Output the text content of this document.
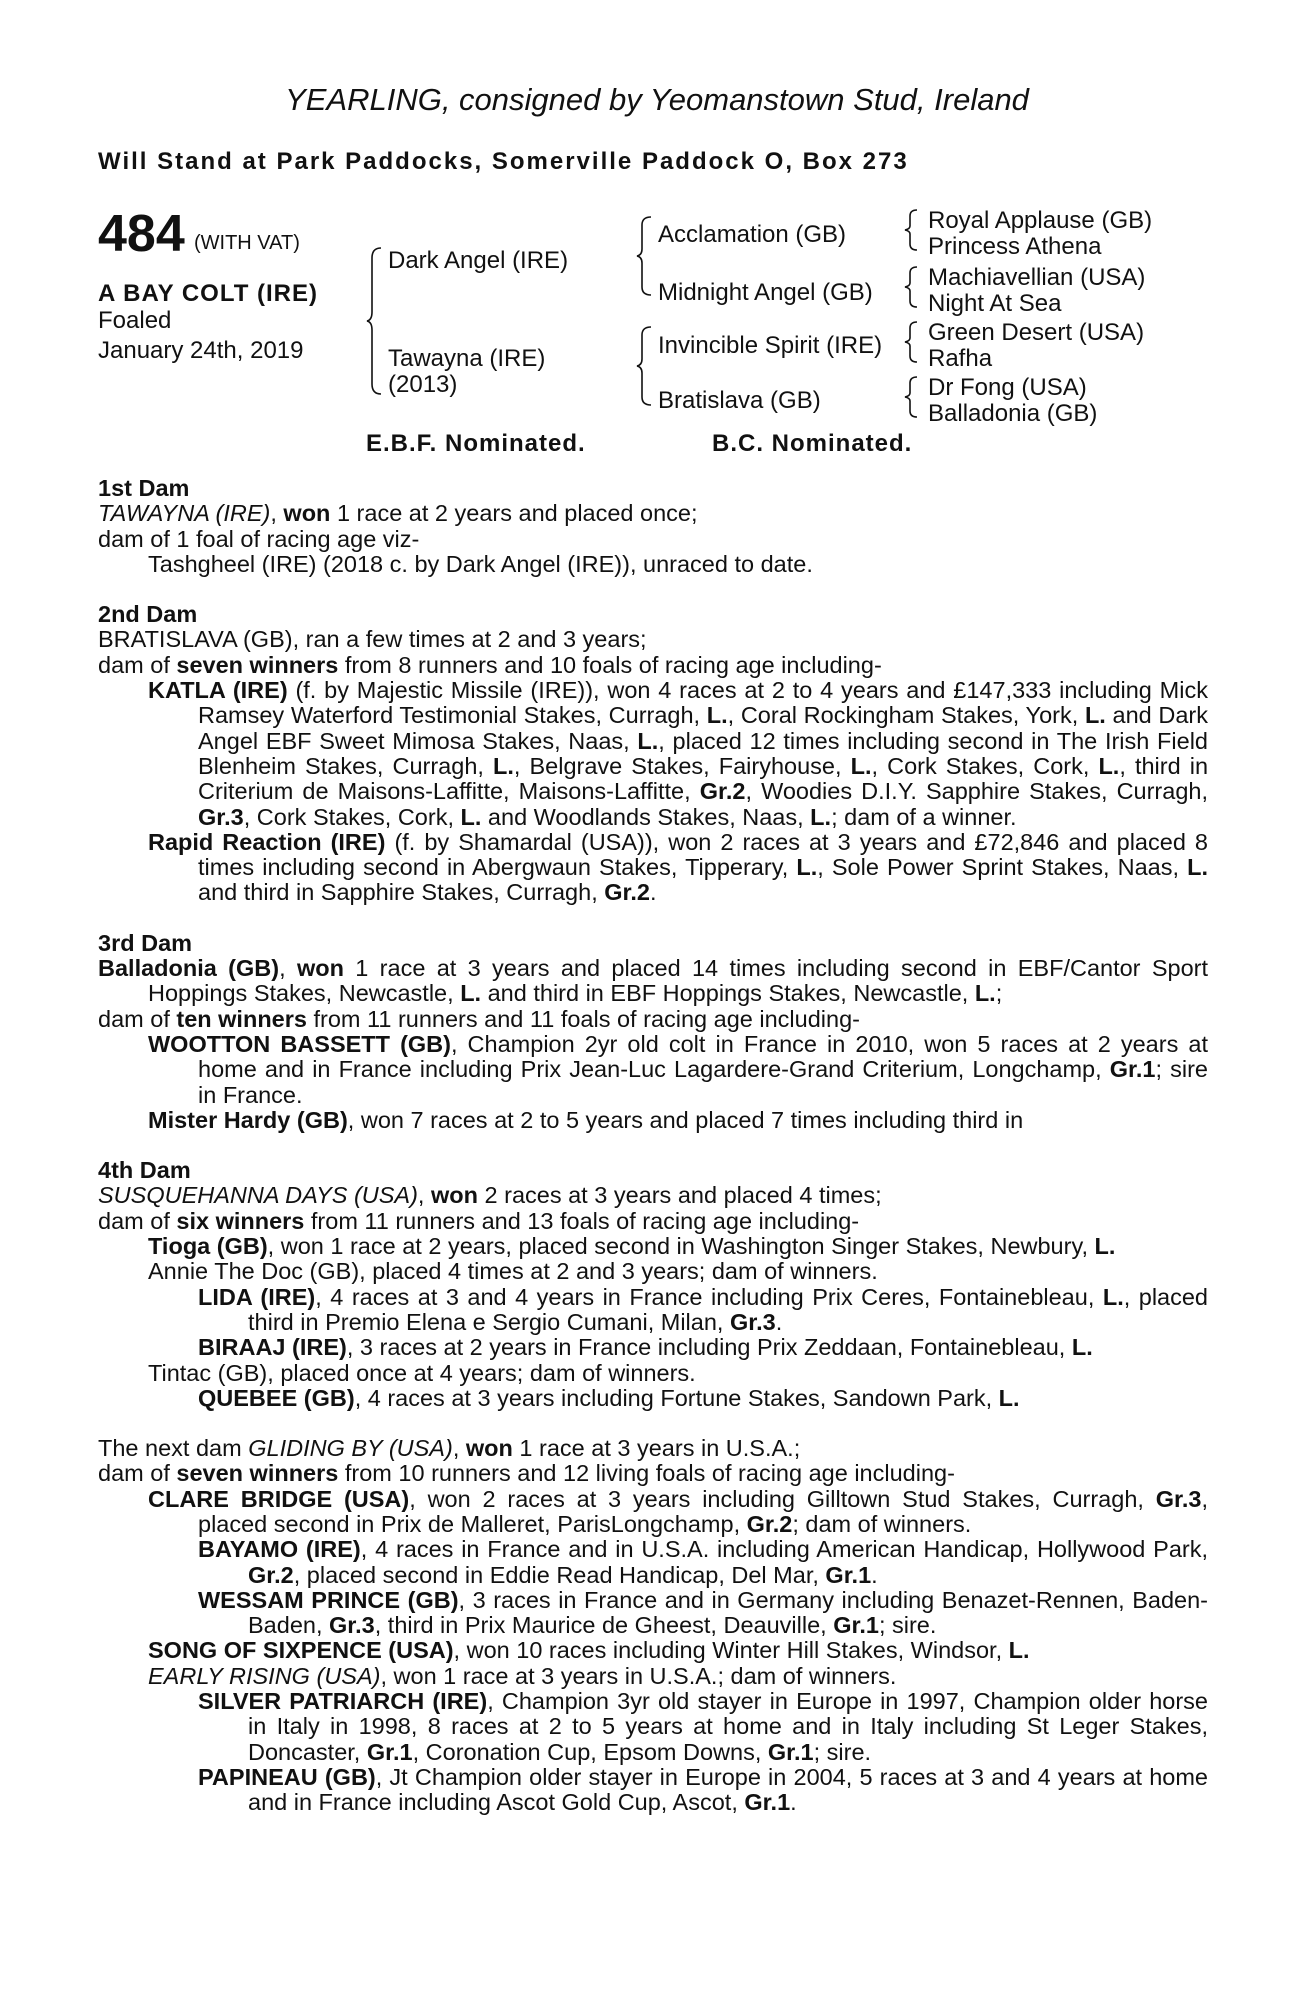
YEARLING, consigned by Yeomanstown Stud, Ireland
Will Stand at Park Paddocks, Somerville Paddock O, Box 273
484 (WITH VAT)
A BAY COLT (IRE)
Foaled
January 24th, 2019
Dark Angel (IRE)
Tawayna (IRE)
(2013)
Acclamation (GB)
Midnight Angel (GB)
Invincible Spirit (IRE)
Bratislava (GB)
Royal Applause (GB)
Princess Athena
Machiavellian (USA)
Night At Sea
Green Desert (USA)
Rafha
Dr Fong (USA)
Balladonia (GB)
E.B.F. Nominated.	B.C. Nominated.

1st Dam

TAWAYNA (IRE), won 1 race at 2 years and placed once;

dam of 1 foal of racing age viz-

Tashgheel (IRE) (2018 c. by Dark Angel (IRE)), unraced to date.

2nd Dam

BRATISLAVA (GB), ran a few times at 2 and 3 years;

dam of seven winners from 8 runners and 10 foals of racing age including-

KATLA (IRE) (f. by Majestic Missile (IRE)), won 4 races at 2 to 4 years and £147,333 including Mick Ramsey Waterford Testimonial Stakes, Curragh, L., Coral Rockingham Stakes, York, L. and Dark Angel EBF Sweet Mimosa Stakes, Naas, L., placed 12 times including second in The Irish Field Blenheim Stakes, Curragh, L., Belgrave Stakes, Fairyhouse, L., Cork Stakes, Cork, L., third in Criterium de Maisons-Laffitte, Maisons-Laffitte, Gr.2, Woodies D.I.Y. Sapphire Stakes, Curragh, Gr.3, Cork Stakes, Cork, L. and Woodlands Stakes, Naas, L.; dam of a winner.

Rapid Reaction (IRE) (f. by Shamardal (USA)), won 2 races at 3 years and £72,846 and placed 8 times including second in Abergwaun Stakes, Tipperary, L., Sole Power Sprint Stakes, Naas, L. and third in Sapphire Stakes, Curragh, Gr.2.

3rd Dam

Balladonia (GB), won 1 race at 3 years and placed 14 times including second in EBF/Cantor Sport Hoppings Stakes, Newcastle, L. and third in EBF Hoppings Stakes, Newcastle, L.;

dam of ten winners from 11 runners and 11 foals of racing age including-

WOOTTON BASSETT (GB), Champion 2yr old colt in France in 2010, won 5 races at 2 years at home and in France including Prix Jean-Luc Lagardere-Grand Criterium, Longchamp, Gr.1; sire in France.

Mister Hardy (GB), won 7 races at 2 to 5 years and placed 7 times including third in

4th Dam

SUSQUEHANNA DAYS (USA), won 2 races at 3 years and placed 4 times;

dam of six winners from 11 runners and 13 foals of racing age including-

Tioga (GB), won 1 race at 2 years, placed second in Washington Singer Stakes, Newbury, L.

Annie The Doc (GB), placed 4 times at 2 and 3 years; dam of winners.

LIDA (IRE), 4 races at 3 and 4 years in France including Prix Ceres, Fontainebleau, L., placed third in Premio Elena e Sergio Cumani, Milan, Gr.3.

BIRAAJ (IRE), 3 races at 2 years in France including Prix Zeddaan, Fontainebleau, L.

Tintac (GB), placed once at 4 years; dam of winners.

QUEBEE (GB), 4 races at 3 years including Fortune Stakes, Sandown Park, L.

The next dam GLIDING BY (USA), won 1 race at 3 years in U.S.A.;

dam of seven winners from 10 runners and 12 living foals of racing age including-

CLARE BRIDGE (USA), won 2 races at 3 years including Gilltown Stud Stakes, Curragh, Gr.3, placed second in Prix de Malleret, ParisLongchamp, Gr.2; dam of winners.

BAYAMO (IRE), 4 races in France and in U.S.A. including American Handicap, Hollywood Park, Gr.2, placed second in Eddie Read Handicap, Del Mar, Gr.1.

WESSAM PRINCE (GB), 3 races in France and in Germany including Benazet-Rennen, Baden-Baden, Gr.3, third in Prix Maurice de Gheest, Deauville, Gr.1; sire.

SONG OF SIXPENCE (USA), won 10 races including Winter Hill Stakes, Windsor, L.

EARLY RISING (USA), won 1 race at 3 years in U.S.A.; dam of winners.

SILVER PATRIARCH (IRE), Champion 3yr old stayer in Europe in 1997, Champion older horse in Italy in 1998, 8 races at 2 to 5 years at home and in Italy including St Leger Stakes, Doncaster, Gr.1, Coronation Cup, Epsom Downs, Gr.1; sire.

PAPINEAU (GB), Jt Champion older stayer in Europe in 2004, 5 races at 3 and 4 years at home and in France including Ascot Gold Cup, Ascot, Gr.1.
